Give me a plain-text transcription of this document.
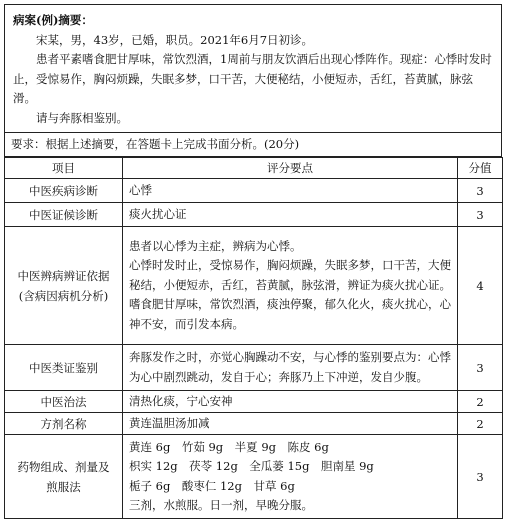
病案(例)摘要：

宋某，男，43岁，已婚，职员。2021年6月7日初诊。

患者平素嗜食肥甘厚味，常饮烈酒，1周前与朋友饮酒后出现心悸阵作。现症：心悸时发时止，受惊易作，胸闷烦躁，失眠多梦，口干苦，大便秘结，小便短赤，舌红，苔黄腻，脉弦滑。

请与奔豚相鉴别。

要求：根据上述摘要，在答题卡上完成书面分析。(20分)
项目	评分要点	分值

中医疾病诊断	心悸	3

中医证候诊断	痰火扰心证	3

中医辨病辨证依据
(含病因病机分析)	患者以心悸为主症，辨病为心悸。
心悸时发时止，受惊易作，胸闷烦躁，失眠多梦，口干苦，大便秘结，小便短赤，舌红，苔黄腻，脉弦滑，辨证为痰火扰心证。
嗜食肥甘厚味，常饮烈酒，痰浊停聚，郁久化火，痰火扰心，心神不安，而引发本病。	4

中医类证鉴别	奔豚发作之时，亦觉心胸躁动不安，与心悸的鉴别要点为：心悸为心中剧烈跳动，发自于心；奔豚乃上下冲逆，发自少腹。	3

中医治法	清热化痰，宁心安神	2

方剂名称	黄连温胆汤加减	2

药物组成、剂量及
煎服法	黄连 6g　竹茹 9g　半夏 9g　陈皮 6g
枳实 12g　茯苓 12g　全瓜蒌 15g　胆南星 9g
栀子 6g　酸枣仁 12g　甘草 6g
三剂，水煎服。日一剂，早晚分服。	3
